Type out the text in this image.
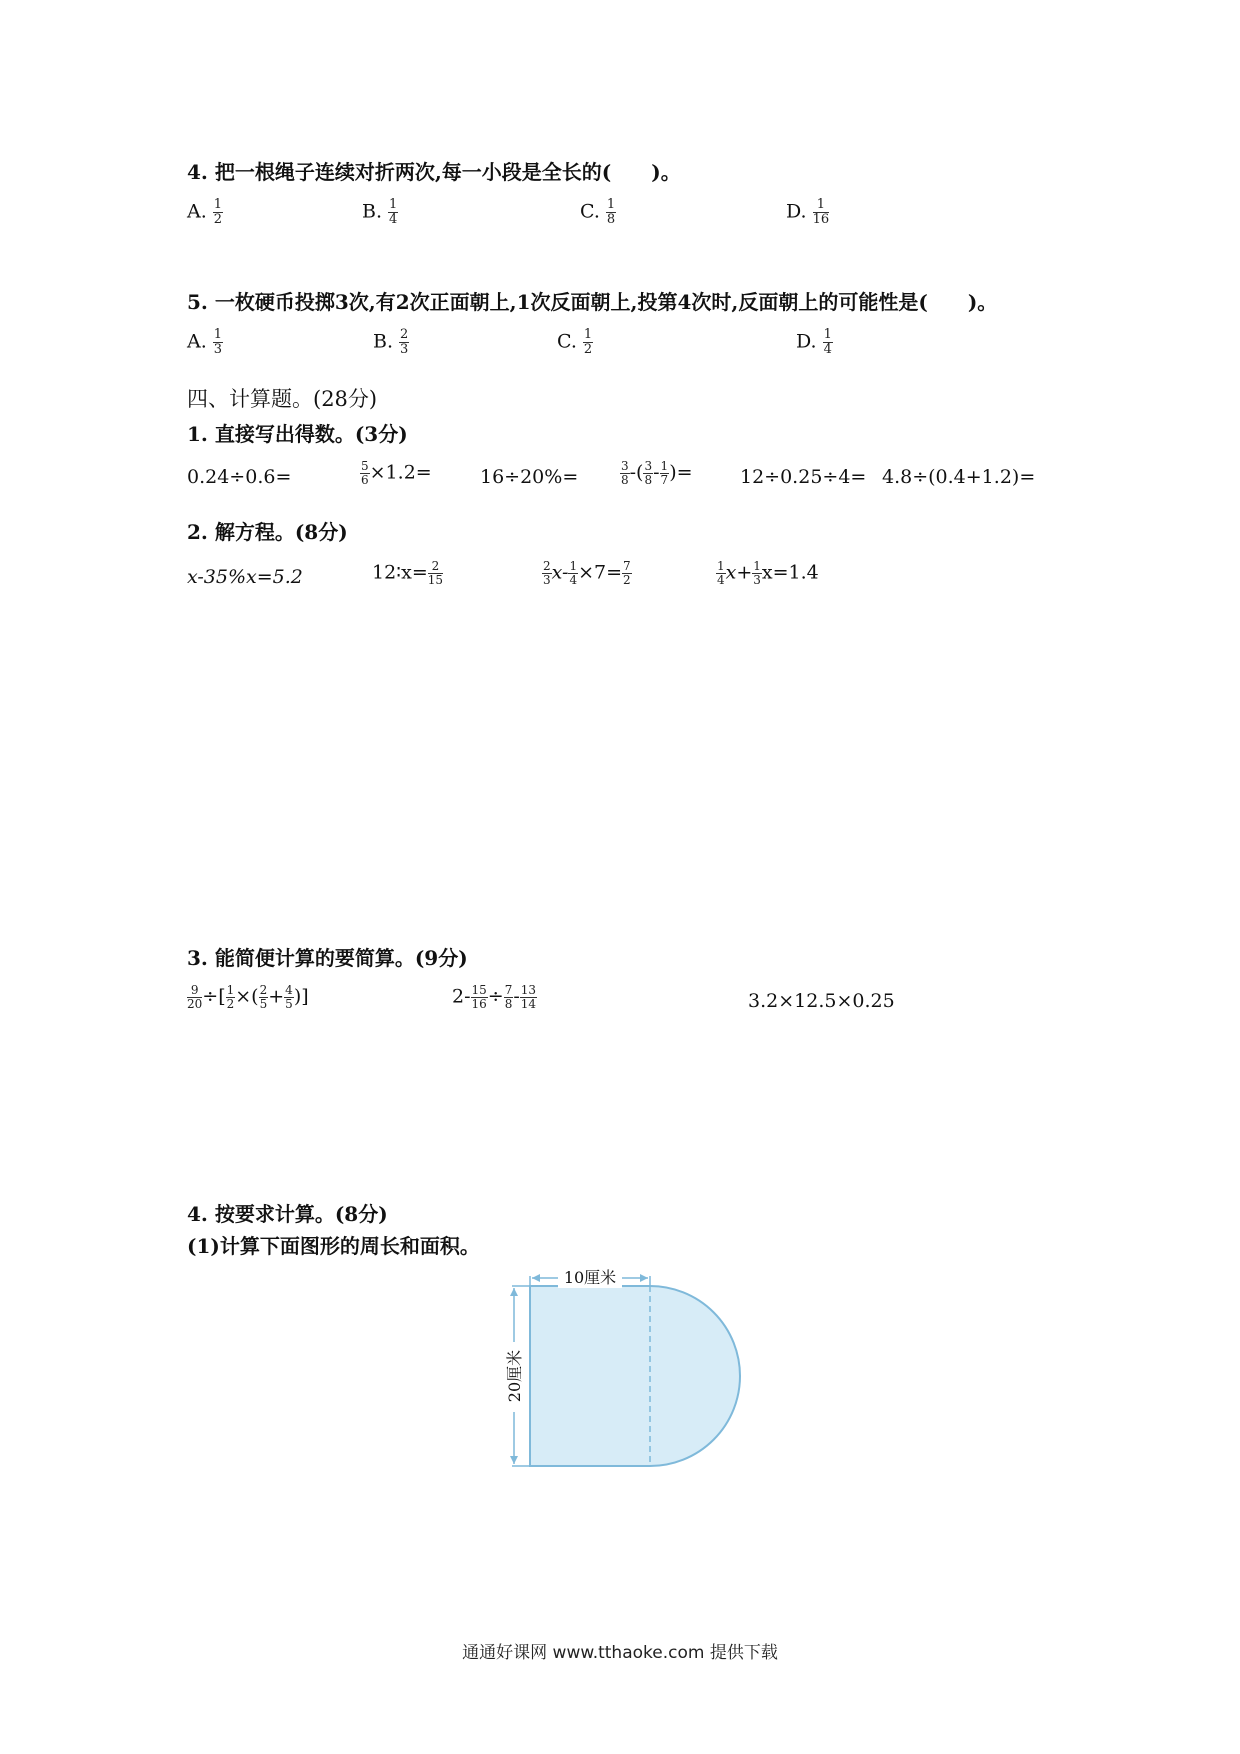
4. 把一根绳子连续对折两次,每一小段是全长的(　　)。
A. $\frac{1}{2}$	B. $\frac{1}{4}$	C. $\frac{1}{8}$	D. $\frac{1}{16}$
5. 一枚硬币投掷3次,有2次正面朝上,1次反面朝上,投第4次时,反面朝上的可能性是(　　)。
A. $\frac{1}{3}$	B. $\frac{2}{3}$	C. $\frac{1}{2}$	D. $\frac{1}{4}$
四、计算题。(28分)
1. 直接写出得数。(3分)
0.24÷0.6=	$\frac{5}{6} \times 1.2=$	16÷20%=	$\frac{3}{8}$ -( $\frac{3}{8} - \frac{1}{7}$ )= 12÷0.25÷4= 4.8÷(0.4+1.2)=
2. 解方程。(8分)
x-35%x=5.2	12∶x= $\frac{2}{15}$	$\frac{2}{3} x- \frac{1}{4} \times 7= \frac{7}{2}$	$\frac{1}{4} x+ \frac{1}{3} x=1.4$
3. 能简便计算的要简算。(9分)
$\frac{9}{20}$ ÷[ $\frac{1}{2}$ ×( $\frac{2}{5} + \frac{4}{5}$ )]	$2- \frac{15}{16} \div \frac{7}{8} - \frac{13}{14}$	3.2×12.5×0.25
4. 按要求计算。(8分)
(1)计算下面图形的周长和面积。
10厘米
20厘米
通通好课网 www.tthaoke.com 提供下载
